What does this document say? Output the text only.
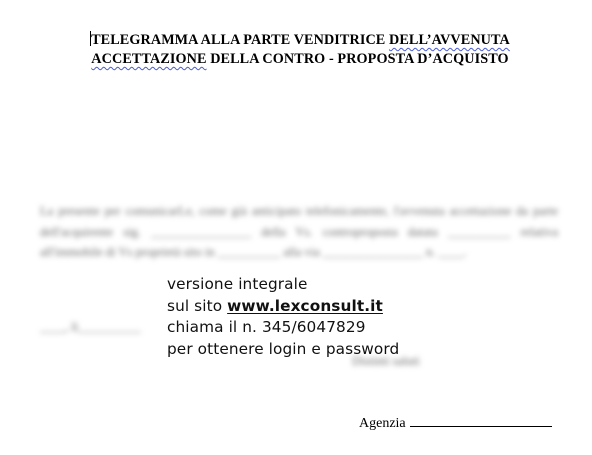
TELEGRAMMA ALLA PARTE VENDITRICE DELL’AVVENUTA
ACCETTAZIONE DELLA CONTRO - PROPOSTA D’ACQUISTO

La presente per comunicarLe, come già anticipato telefonicamente, l'avvenuta accettazione da parte dell'acquirente sig. ________________ della Vs. controproposta datata __________ relativa all'immobile di Vs proprietà sito in __________ alla via ________________ n. ____.

____, lì__________
Distinti saluti
versione integrale
sul sito www.lexconsult.it
chiama il n. 345/6047829
per ottenere login e password
Agenzia
